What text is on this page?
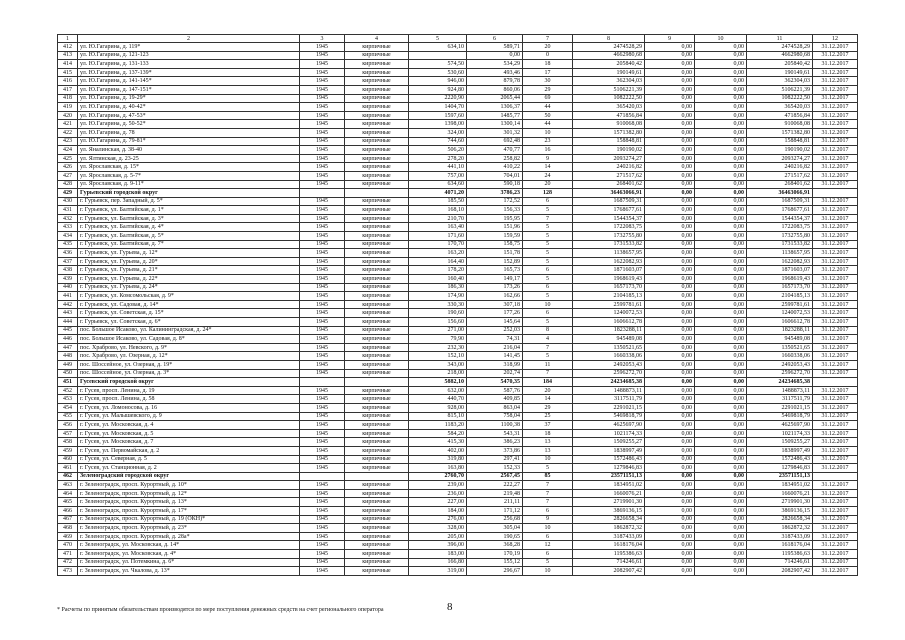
1	2	3	4	5	6	7	8	9	10	11	12
412	ул. Ю.Гагарина, д. 119*	1945	кирпичные	634,10	589,71	20	2474528,29	0,00	0,00	2474528,29	31.12.2017
413	ул. Ю.Гагарина, д. 121-123	1945	кирпичные		0,00	0	4662980,68	0,00	0,00	4662980,68	31.12.2017
414	ул. Ю.Гагарина, д. 131-133	1945	кирпичные	574,50	534,29	18	205840,42	0,00	0,00	205840,42	31.12.2017
415	ул. Ю.Гагарина, д. 137-139*	1945	кирпичные	530,60	493,46	17	190149,61	0,00	0,00	190149,61	31.12.2017
416	ул. Ю.Гагарина, д. 141-145*	1945	кирпичные	946,00	879,78	30	362304,03	0,00	0,00	362304,03	31.12.2017
417	ул. Ю.Гагарина, д. 147-151*	1945	кирпичные	924,80	860,06	29	5106221,39	0,00	0,00	5106221,39	31.12.2017
418	ул. Ю.Гагарина, д. 19-29*	1945	кирпичные	2220,90	2065,44	69	1082222,50	0,00	0,00	1082222,50	31.12.2017
419	ул. Ю.Гагарина, д. 40-42*	1945	кирпичные	1404,70	1306,37	44	365420,03	0,00	0,00	365420,03	31.12.2017
420	ул. Ю.Гагарина, д. 47-53*	1945	кирпичные	1597,60	1485,77	50	471856,84	0,00	0,00	471856,84	31.12.2017
421	ул. Ю.Гагарина, д. 50-52*	1945	кирпичные	1398,00	1300,14	44	910068,08	0,00	0,00	910068,08	31.12.2017
422	ул. Ю.Гагарина, д. 78	1945	кирпичные	324,00	301,32	10	1571382,80	0,00	0,00	1571382,80	31.12.2017
423	ул. Ю.Гагарина, д. 79-81*	1945	кирпичные	744,60	692,48	23	158848,81	0,00	0,00	158848,81	31.12.2017
424	ул. Яналинская, д. 38-40	1945	кирпичные	506,20	470,77	16	190190,02	0,00	0,00	190190,02	31.12.2017
425	ул. Ялтинская, д. 23-25	1945	кирпичные	278,20	258,82	9	2093274,27	0,00	0,00	2093274,27	31.12.2017
426	ул. Ярославская, д. 15*	1945	кирпичные	441,10	410,22	14	240216,82	0,00	0,00	240216,82	31.12.2017
427	ул. Ярославская, д. 5-7*	1945	кирпичные	757,00	704,01	24	271517,62	0,00	0,00	271517,62	31.12.2017
428	ул. Ярославская, д. 9-11*	1945	кирпичные	634,60	590,18	20	268401,62	0,00	0,00	268401,62	31.12.2017
429	Гурьевский городской округ			4071,20	3786,23	128	36463066,91	0,00	0,00	36463066,91	
430	г. Гурьевск, пер. Западный, д. 5*	1945	кирпичные	185,50	172,52	6	1687509,31	0,00	0,00	1687509,31	31.12.2017
431	г. Гурьевск, ул. Балтийская, д. 1*	1945	кирпичные	168,10	156,33	5	1768677,61	0,00	0,00	1768677,61	31.12.2017
432	г. Гурьевск, ул. Балтийская, д. 3*	1945	кирпичные	210,70	195,95	7	1544354,37	0,00	0,00	1544354,37	31.12.2017
433	г. Гурьевск, ул. Балтийская, д. 4*	1945	кирпичные	163,40	151,96	5	1722083,75	0,00	0,00	1722083,75	31.12.2017
434	г. Гурьевск, ул. Балтийская, д. 5*	1945	кирпичные	171,60	159,59	5	1732755,80	0,00	0,00	1732755,80	31.12.2017
435	г. Гурьевск, ул. Балтийская, д. 7*	1945	кирпичные	170,70	158,75	5	1731533,82	0,00	0,00	1731533,82	31.12.2017
436	г. Гурьевск, ул. Гурьева, д. 12*	1945	кирпичные	163,20	151,78	5	1138657,95	0,00	0,00	1138657,95	31.12.2017
437	г. Гурьевск, ул. Гурьева, д. 20*	1945	кирпичные	164,40	152,89	5	1622082,93	0,00	0,00	1622082,93	31.12.2017
438	г. Гурьевск, ул. Гурьева, д. 21*	1945	кирпичные	178,20	165,73	6	1871603,07	0,00	0,00	1871603,07	31.12.2017
439	г. Гурьевск, ул. Гурьева, д. 22*	1945	кирпичные	160,40	149,17	5	1968619,43	0,00	0,00	1968619,43	31.12.2017
440	г. Гурьевск, ул. Гурьева, д. 24*	1945	кирпичные	186,30	173,26	6	1657173,70	0,00	0,00	1657173,70	31.12.2017
441	г. Гурьевск, ул. Комсомольская, д. 9*	1945	кирпичные	174,90	162,66	5	2104185,13	0,00	0,00	2104185,13	31.12.2017
442	г. Гурьевск, ул. Садовая, д. 14*	1945	кирпичные	330,30	307,18	10	2599781,61	0,00	0,00	2599781,61	31.12.2017
443	г. Гурьевск, ул. Советская, д. 15*	1945	кирпичные	190,60	177,26	6	1240072,53	0,00	0,00	1240072,53	31.12.2017
444	г. Гурьевск, ул. Советская, д. 6*	1945	кирпичные	156,60	145,64	5	1606612,78	0,00	0,00	1606612,78	31.12.2017
445	пос. Большое Исаково, ул. Калининградская, д. 24*	1945	кирпичные	271,00	252,03	8	1823288,11	0,00	0,00	1823288,11	31.12.2017
446	пос. Большое Исаково, ул. Садовая, д. 8*	1945	кирпичные	79,90	74,31	4	945489,08	0,00	0,00	945489,08	31.12.2017
447	пос. Храброво, ул. Невского, д. 9*	1945	кирпичные	232,30	216,04	7	1350521,65	0,00	0,00	1350521,65	31.12.2017
448	пос. Храброво, ул. Озерная, д. 12*	1945	кирпичные	152,10	141,45	5	1660338,06	0,00	0,00	1660338,06	31.12.2017
449	пос. Шоссейное, ул. Озерная, д. 19*	1945	кирпичные	343,00	318,99	11	2492053,43	0,00	0,00	2492053,43	31.12.2017
450	пос. Шоссейное, ул. Озерная, д. 3*	1945	кирпичные	218,00	202,74	7	2596272,70	0,00	0,00	2596272,70	31.12.2017
451	Гусевский городской округ			5882,10	5470,35	184	24234685,38	0,00	0,00	24234685,38	
452	г. Гусев, просп. Ленина, д. 19	1945	кирпичные	632,00	587,76	20	1488873,11	0,00	0,00	1488873,11	31.12.2017
453	г. Гусев, просп. Ленина, д. 58	1945	кирпичные	440,70	409,85	14	3117511,79	0,00	0,00	3117511,79	31.12.2017
454	г. Гусев, ул. Ломоносова, д. 16	1945	кирпичные	928,00	863,04	29	2291021,15	0,00	0,00	2291021,15	31.12.2017
455	г. Гусев, ул. Малышевского, д. 9	1945	кирпичные	815,10	758,04	25	5469818,79	0,00	0,00	5469818,79	31.12.2017
456	г. Гусев, ул. Московская, д. 4	1945	кирпичные	1183,20	1100,38	37	4625697,90	0,00	0,00	4625697,90	31.12.2017
457	г. Гусев, ул. Московская, д. 5	1945	кирпичные	584,20	543,31	18	1021174,33	0,00	0,00	1021174,33	31.12.2017
458	г. Гусев, ул. Московская, д. 7	1945	кирпичные	415,30	386,23	13	1509255,27	0,00	0,00	1509255,27	31.12.2017
459	г. Гусев, ул. Первомайская, д. 2	1945	кирпичные	402,00	373,86	13	1838997,49	0,00	0,00	1838997,49	31.12.2017
460	г. Гусев, ул. Северная, д. 5	1945	кирпичные	319,80	297,41	10	1572486,43	0,00	0,00	1572486,43	31.12.2017
461	г. Гусев, ул. Станционная, д. 2	1945	кирпичные	163,80	152,33	5	1279846,83	0,00	0,00	1279846,83	31.12.2017
462	Зеленоградский городской округ			2760,70	2567,45	85	23571151,13	0,00	0,00	23571151,13	
463	г. Зеленоградск, просп. Курортный, д. 10*	1945	кирпичные	239,00	222,27	7	1834951,02	0,00	0,00	1834951,02	31.12.2017
464	г. Зеленоградск, просп. Курортный, д. 12*	1945	кирпичные	236,00	219,48	7	1660076,21	0,00	0,00	1660076,21	31.12.2017
465	г. Зеленоградск, просп. Курортный, д. 13*	1945	кирпичные	227,00	211,11	7	2719901,30	0,00	0,00	2719901,30	31.12.2017
466	г. Зеленоградск, просп. Курортный, д. 17*	1945	кирпичные	184,00	171,12	6	3869136,15	0,00	0,00	3869136,15	31.12.2017
467	г. Зеленоградск, просп. Курортный, д. 19 (ОКН)*	1945	кирпичные	276,00	256,68	9	2826658,34	0,00	0,00	2826658,34	31.12.2017
468	г. Зеленоградск, просп. Курортный, д. 23*	1945	кирпичные	328,00	305,04	10	1862872,32	0,00	0,00	1862872,32	31.12.2017
469	г. Зеленоградск, просп. Курортный, д. 28а*	1945	кирпичные	205,00	190,65	6	3187433,09	0,00	0,00	3187433,09	31.12.2017
470	г. Зеленоградск, ул. Московская, д. 14*	1945	кирпичные	396,00	368,28	12	1618176,04	0,00	0,00	1618176,04	31.12.2017
471	г. Зеленоградск, ул. Московская, д. 4*	1945	кирпичные	183,00	170,19	6	1195386,63	0,00	0,00	1195386,63	31.12.2017
472	г. Зеленоградск, ул. Потемкина, д. 6*	1945	кирпичные	166,80	155,12	5	714246,61	0,00	0,00	714246,61	31.12.2017
473	г. Зеленоградск, ул. Чкалова, д. 13*	1945	кирпичные	319,00	296,67	10	2082907,42	0,00	0,00	2082907,42	31.12.2017
8
* Расчеты по принятым обязательствам производятся по мере поступления денежных средств на счет регионального оператора
